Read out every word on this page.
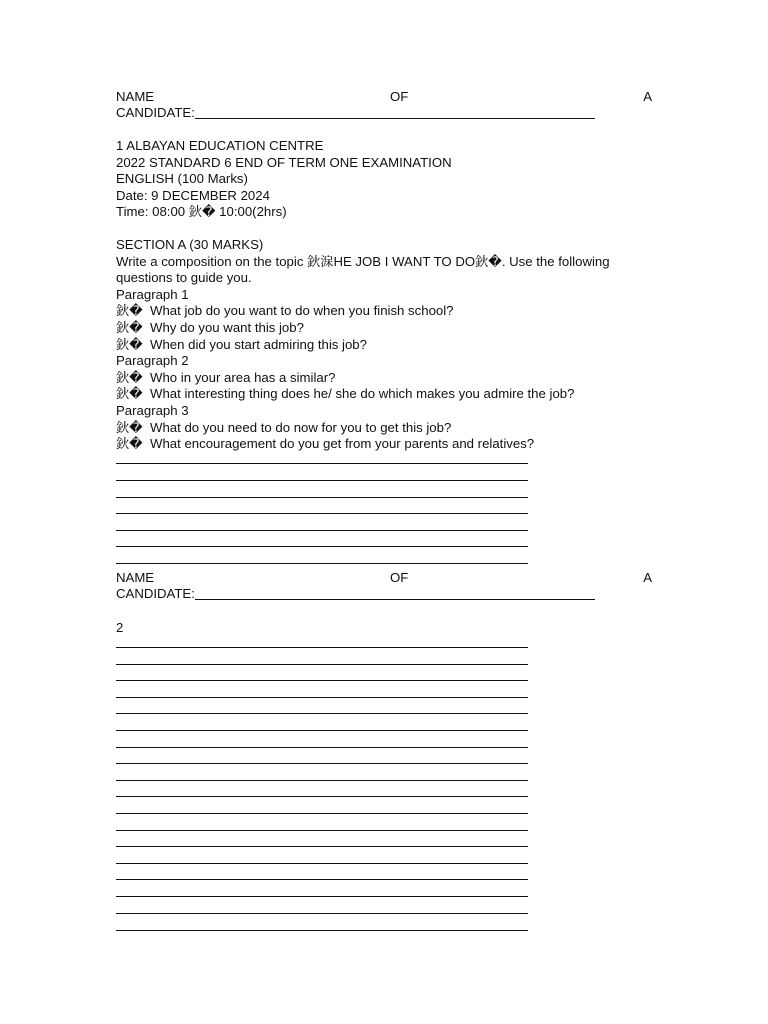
NAME	OF	A
CANDIDATE:
1 ALBAYAN EDUCATION CENTRE
2022 STANDARD 6 END OF TERM ONE EXAMINATION
ENGLISH (100 Marks)
Date: 9 DECEMBER 2024
Time: 08:00 鈥� 10:00(2hrs)
SECTION A (30 MARKS)
Write a composition on the topic 鈥淭HE JOB I WANT TO DO鈥�. Use the following
questions to guide you.
Paragraph 1
鈥� What job do you want to do when you finish school?
鈥� Why do you want this job?
鈥� When did you start admiring this job?
Paragraph 2
鈥� Who in your area has a similar?
鈥� What interesting thing does he/ she do which makes you admire the job?
Paragraph 3
鈥� What do you need to do now for you to get this job?
鈥� What encouragement do you get from your parents and relatives?
NAME	OF	A
CANDIDATE:
2
